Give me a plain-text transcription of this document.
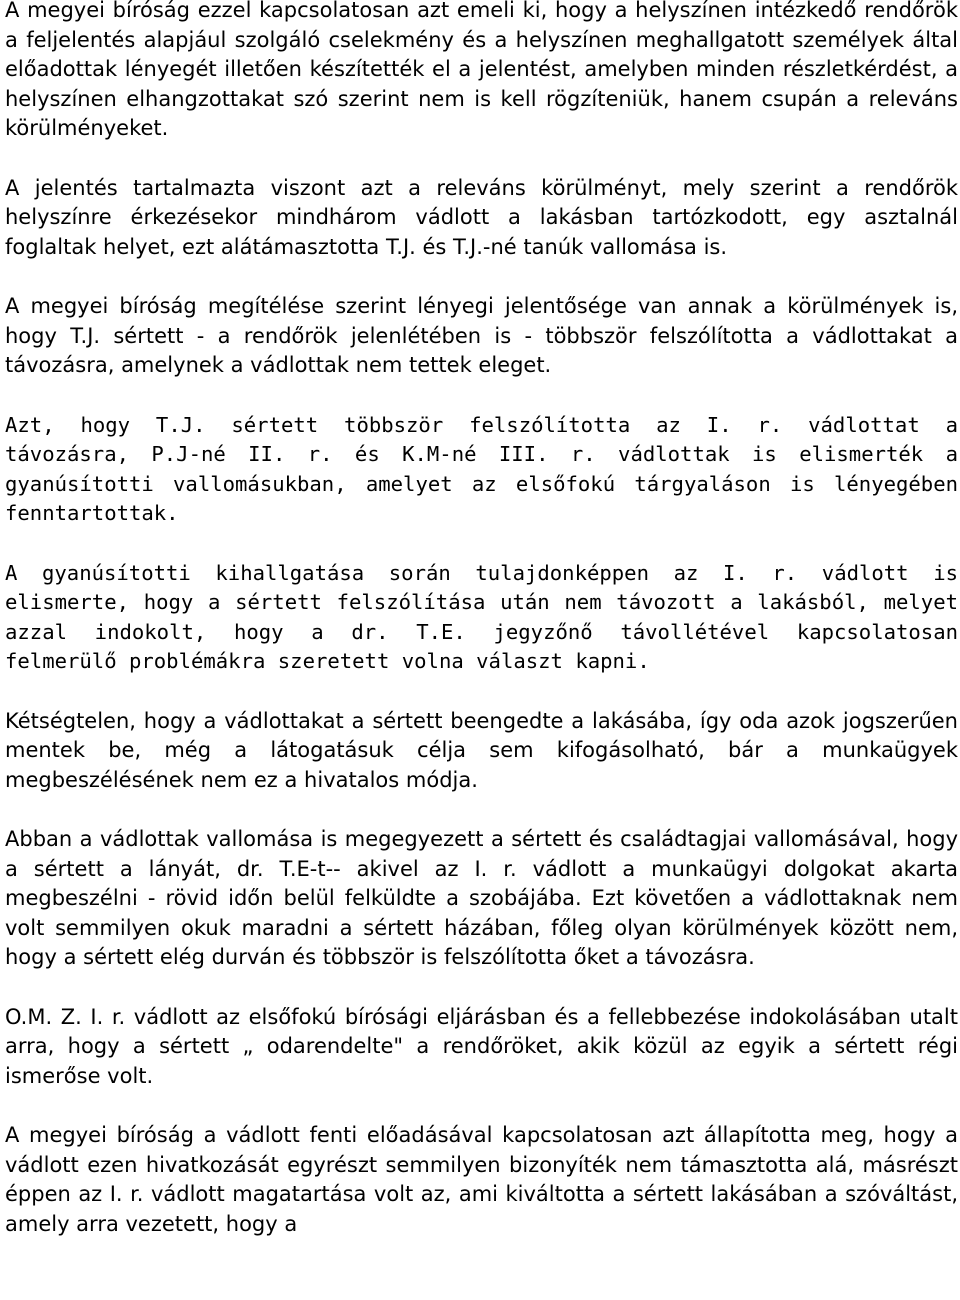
A megyei bíróság ezzel kapcsolatosan azt emeli ki, hogy a helyszínen intézkedő rendőrök a feljelentés alapjául szolgáló cselekmény és a helyszínen meghallgatott személyek által előadottak lényegét illetően készítették el a jelentést, amelyben minden részletkérdést, a helyszínen elhangzottakat szó szerint nem is kell rögzíteniük, hanem csupán a releváns körülményeket.

A jelentés tartalmazta viszont azt a releváns körülményt, mely szerint a rendőrök helyszínre érkezésekor mindhárom vádlott a lakásban tartózkodott, egy asztalnál foglaltak helyet, ezt alátámasztotta T.J. és T.J.-né tanúk vallomása is.

A megyei bíróság megítélése szerint lényegi jelentősége van annak a körülmények is, hogy T.J. sértett - a rendőrök jelenlétében is - többször felszólította a vádlottakat a távozásra, amelynek a vádlottak nem tettek eleget.

Azt, hogy T.J. sértett többször felszólította az I. r. vádlottat a távozásra, P.J-né II. r. és K.M-né III. r. vádlottak is elismerték a gyanúsítotti vallomásukban, amelyet az elsőfokú tárgyaláson is lényegében fenntartottak.

A gyanúsítotti kihallgatása során tulajdonképpen az I. r. vádlott is elismerte, hogy a sértett felszólítása után nem távozott a lakásból, melyet azzal indokolt, hogy a dr. T.E. jegyzőnő távollétével kapcsolatosan felmerülő problémákra szeretett volna választ kapni.

Kétségtelen, hogy a vádlottakat a sértett beengedte a lakásába, így oda azok jogszerűen mentek be, még a látogatásuk célja sem kifogásolható, bár a munkaügyek megbeszélésének nem ez a hivatalos módja.

Abban a vádlottak vallomása is megegyezett a sértett és családtagjai vallomásával, hogy a sértett a lányát, dr. T.E-t-- akivel az I. r. vádlott a munkaügyi dolgokat akarta megbeszélni - rövid időn belül felküldte a szobájába. Ezt követően a vádlottaknak nem volt semmilyen okuk maradni a sértett házában, főleg olyan körülmények között nem, hogy a sértett elég durván és többször is felszólította őket a távozásra.

O.M. Z. I. r. vádlott az elsőfokú bírósági eljárásban és a fellebbezése indokolásában utalt arra, hogy a sértett „ odarendelte" a rendőröket, akik közül az egyik a sértett régi ismerőse volt.

A megyei bíróság a vádlott fenti előadásával kapcsolatosan azt állapította meg, hogy a vádlott ezen hivatkozását egyrészt semmilyen bizonyíték nem támasztotta alá, másrészt éppen az I. r. vádlott magatartása volt az, ami kiváltotta a sértett lakásában a szóváltást, amely arra vezetett, hogy a
